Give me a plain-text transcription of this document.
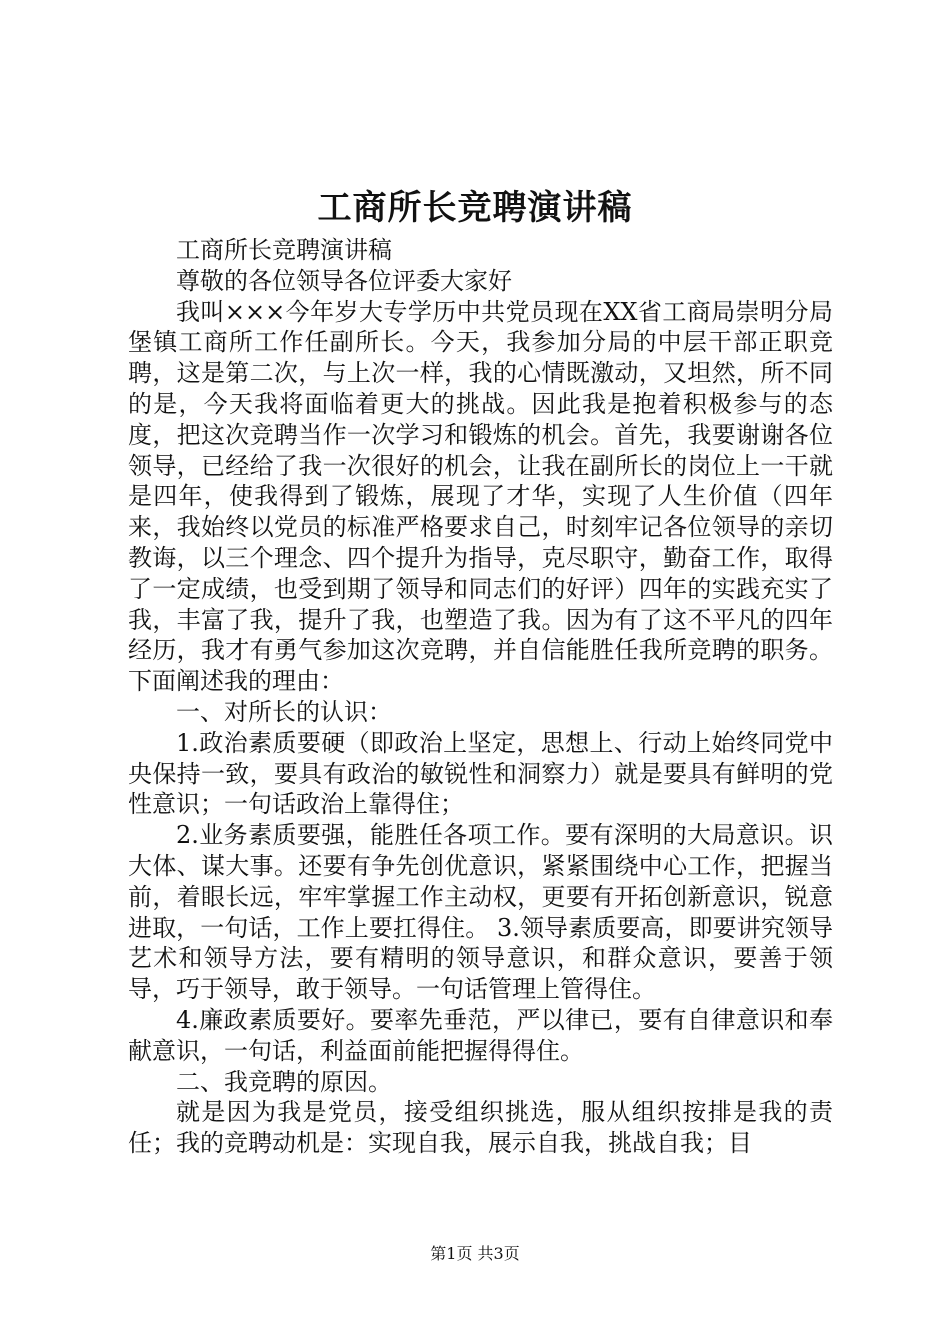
工商所长竞聘演讲稿

工商所长竞聘演讲稿

尊敬的各位领导各位评委大家好

我叫×××今年岁大专学历中共党员现在XX省工商局崇明分局堡镇工商所工作任副所长。今天，我参加分局的中层干部正职竞聘，这是第二次，与上次一样，我的心情既激动，又坦然，所不同的是，今天我将面临着更大的挑战。因此我是抱着积极参与的态度，把这次竞聘当作一次学习和锻炼的机会。首先，我要谢谢各位领导，已经给了我一次很好的机会，让我在副所长的岗位上一干就是四年，使我得到了锻炼，展现了才华，实现了人生价值（四年来，我始终以党员的标准严格要求自己，时刻牢记各位领导的亲切教诲，以三个理念、四个提升为指导，克尽职守，勤奋工作，取得了一定成绩，也受到期了领导和同志们的好评）四年的实践充实了我，丰富了我，提升了我，也塑造了我。因为有了这不平凡的四年经历，我才有勇气参加这次竞聘，并自信能胜任我所竞聘的职务。下面阐述我的理由：

一、对所长的认识：

1.政治素质要硬（即政治上坚定，思想上、行动上始终同党中央保持一致，要具有政治的敏锐性和洞察力）就是要具有鲜明的党性意识；一句话政治上靠得住；

2.业务素质要强，能胜任各项工作。要有深明的大局意识。识大体、谋大事。还要有争先创优意识，紧紧围绕中心工作，把握当前，着眼长远，牢牢掌握工作主动权，更要有开拓创新意识，锐意进取，一句话，工作上要扛得住。 3.领导素质要高，即要讲究领导艺术和领导方法，要有精明的领导意识，和群众意识，要善于领导，巧于领导，敢于领导。一句话管理上管得住。

4.廉政素质要好。要率先垂范，严以律已，要有自律意识和奉献意识，一句话，利益面前能把握得得住。

二、我竞聘的原因。

就是因为我是党员，接受组织挑选，服从组织按排是我的责任；我的竞聘动机是：实现自我，展示自我，挑战自我；目

第1页 共3页
